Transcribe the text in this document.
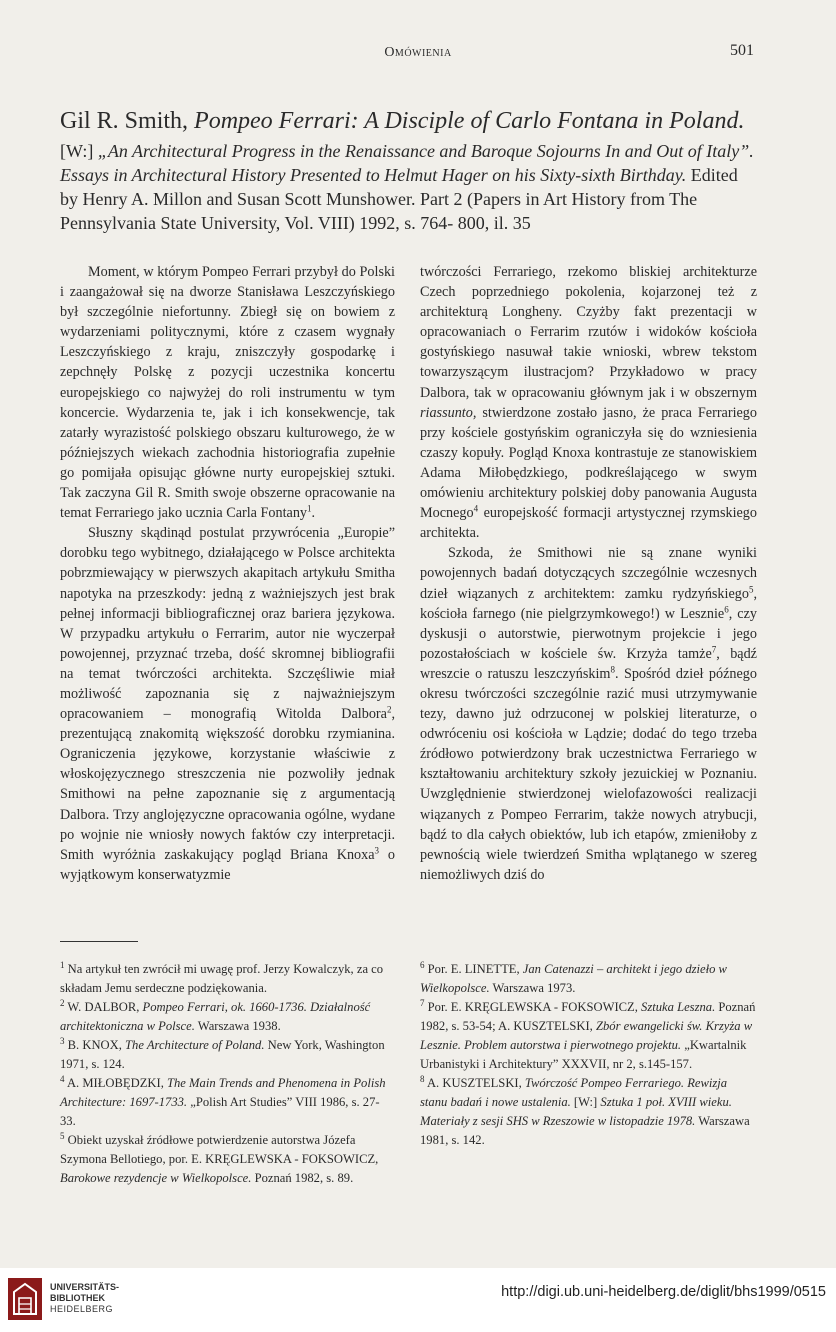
Omówienia	501
Gil R. Smith, Pompeo Ferrari: A Disciple of Carlo Fontana in Poland.
[W:] „An Architectural Progress in the Renaissance and Baroque Sojourns In and Out of Italy”. Essays in Architectural History Presented to Helmut Hager on his Sixty-sixth Birthday. Edited by Henry A. Millon and Susan Scott Munshower. Part 2 (Papers in Art History from The Pennsylvania State University, Vol. VIII) 1992, s. 764- 800, il. 35

Moment, w którym Pompeo Ferrari przybył do Polski i zaangażował się na dworze Stanisława Leszczyńskiego był szczególnie niefortunny. Zbiegł się on bowiem z wydarzeniami politycznymi, które z czasem wygnały Leszczyńskiego z kraju, zniszczyły gospodarkę i zepchnęły Polskę z pozycji uczestnika koncertu europejskiego co najwyżej do roli instrumentu w tym koncercie. Wydarzenia te, jak i ich konsekwencje, tak zatarły wyrazistość polskiego obszaru kulturowego, że w późniejszych wiekach zachodnia historiografia zupełnie go pomijała opisując główne nurty europejskiej sztuki. Tak zaczyna Gil R. Smith swoje obszerne opracowanie na temat Ferrariego jako ucznia Carla Fontany$^1$.

Słuszny skądinąd postulat przywrócenia „Europie” dorobku tego wybitnego, działającego w Polsce architekta pobrzmiewający w pierwszych akapitach artykułu Smitha napotyka na przeszkody: jedną z ważniejszych jest brak pełnej informacji bibliograficznej oraz bariera językowa. W przypadku artykułu o Ferrarim, autor nie wyczerpał powojennej, przyznać trzeba, dość skromnej bibliografii na temat twórczości architekta. Szczęśliwie miał możliwość zapoznania się z najważniejszym opracowaniem – monografią Witolda Dalbora$^2$, prezentującą znakomitą większość dorobku rzymianina. Ograniczenia językowe, korzystanie właściwie z włoskojęzycznego streszczenia nie pozwoliły jednak Smithowi na pełne zapoznanie się z argumentacją Dalbora. Trzy anglojęzyczne opracowania ogólne, wydane po wojnie nie wniosły nowych faktów czy interpretacji. Smith wyróżnia zaskakujący pogląd Briana Knoxa$^3$ o wyjątkowym konserwatyzmie

twórczości Ferrariego, rzekomo bliskiej architekturze Czech poprzedniego pokolenia, kojarzonej też z architekturą Longheny. Czyżby fakt prezentacji w opracowaniach o Ferrarim rzutów i widoków kościoła gostyńskiego nasuwał takie wnioski, wbrew tekstom towarzyszącym ilustracjom? Przykładowo w pracy Dalbora, tak w opracowaniu głównym jak i w obszernym riassunto, stwierdzone zostało jasno, że praca Ferrariego przy kościele gostyńskim ograniczyła się do wzniesienia czaszy kopuły. Pogląd Knoxa kontrastuje ze stanowiskiem Adama Miłobędzkiego, podkreślającego w swym omówieniu architektury polskiej doby panowania Augusta Mocnego$^4$ europejskość formacji artystycznej rzymskiego architekta.

Szkoda, że Smithowi nie są znane wyniki powojennych badań dotyczących szczególnie wczesnych dzieł wiązanych z architektem: zamku rydzyńskiego$^5$, kościoła farnego (nie pielgrzymkowego!) w Lesznie$^6$, czy dyskusji o autorstwie, pierwotnym projekcie i jego pozostałościach w kościele św. Krzyża tamże$^7$, bądź wreszcie o ratuszu leszczyńskim$^8$. Spośród dzieł późnego okresu twórczości szczególnie razić musi utrzymywanie tezy, dawno już odrzuconej w polskiej literaturze, o odwróceniu osi kościoła w Lądzie; dodać do tego trzeba źródłowo potwierdzony brak uczestnictwa Ferrariego w kształtowaniu architektury szkoły jezuickiej w Poznaniu. Uwzględnienie stwierdzonej wielofazowości realizacji wiązanych z Pompeo Ferrarim, także nowych atrybucji, bądź to dla całych obiektów, lub ich etapów, zmieniłoby z pewnością wiele twierdzeń Smitha wplątanego w szereg niemożliwych dziś do

$^1$ Na artykuł ten zwrócił mi uwagę prof. Jerzy Kowalczyk, za co składam Jemu serdeczne podziękowania.
$^2$ W. DALBOR, Pompeo Ferrari, ok. 1660-1736. Działalność architektoniczna w Polsce. Warszawa 1938.
$^3$ B. KNOX, The Architecture of Poland. New York, Washington 1971, s. 124.
$^4$ A. MIŁOBĘDZKI, The Main Trends and Phenomena in Polish Architecture: 1697-1733. „Polish Art Studies” VIII 1986, s. 27-33.
$^5$ Obiekt uzyskał źródłowe potwierdzenie autorstwa Józefa Szymona Bellotiego, por. E. KRĘGLEWSKA - FOKSOWICZ, Barokowe rezydencje w Wielkopolsce. Poznań 1982, s. 89.
$^6$ Por. E. LINETTE, Jan Catenazzi – architekt i jego dzieło w Wielkopolsce. Warszawa 1973.
$^7$ Por. E. KRĘGLEWSKA - FOKSOWICZ, Sztuka Leszna. Poznań 1982, s. 53-54; A. KUSZTELSKI, Zbór ewangelicki św. Krzyża w Lesznie. Problem autorstwa i pierwotnego projektu. „Kwartalnik Urbanistyki i Architektury” XXXVII, nr 2, s.145-157.
$^8$ A. KUSZTELSKI, Twórczość Pompeo Ferrariego. Rewizja stanu badań i nowe ustalenia. [W:] Sztuka 1 poł. XVIII wieku. Materiały z sesji SHS w Rzeszowie w listopadzie 1978. Warszawa 1981, s. 142.
UNIVERSITÄTS-
BIBLIOTHEK
HEIDELBERG
http://digi.ub.uni-heidelberg.de/diglit/bhs1999/0515
